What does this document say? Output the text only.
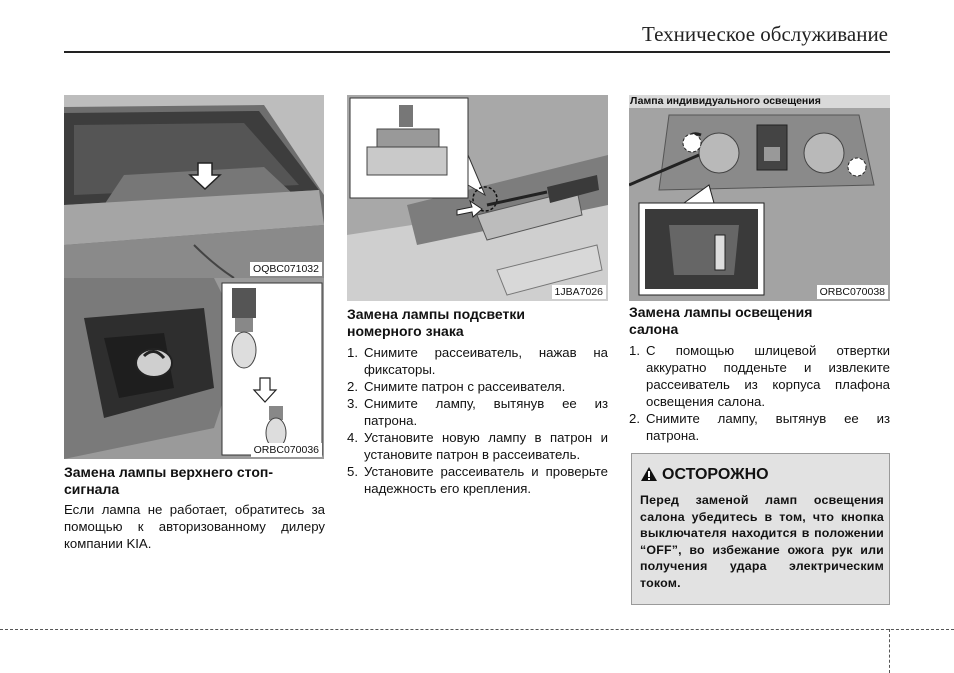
Техническое обслуживание
OQBC071032
ORBC070036
Замена лампы верхнего стоп-
сигнала
Если лампа не работает, обратитесь за помощью к авторизованному дилеру компании KIA.
1JBA7026
Замена лампы подсветки
номерного знака
1. Снимите рассеиватель, нажав на фиксаторы.
2. Снимите патрон с рассеивателя.
3. Снимите лампу, вытянув ее из патрона.
4. Установите новую лампу в патрон и установите патрон в рассеиватель.
5. Установите рассеиватель и проверьте надежность его крепления.
Лампа индивидуального освещения
ORBC070038
Замена лампы освещения
салона
1. С помощью шлицевой отвертки аккуратно подденьте и извлеките рассеиватель из корпуса плафона освещения салона.
2. Снимите лампу, вытянув ее из патрона.
ОСТОРОЖНО
Перед заменой ламп освещения салона убедитесь в том, что кнопка выключателя находится в положении “OFF”, во избежание ожога рук или получения удара электрическим током.
